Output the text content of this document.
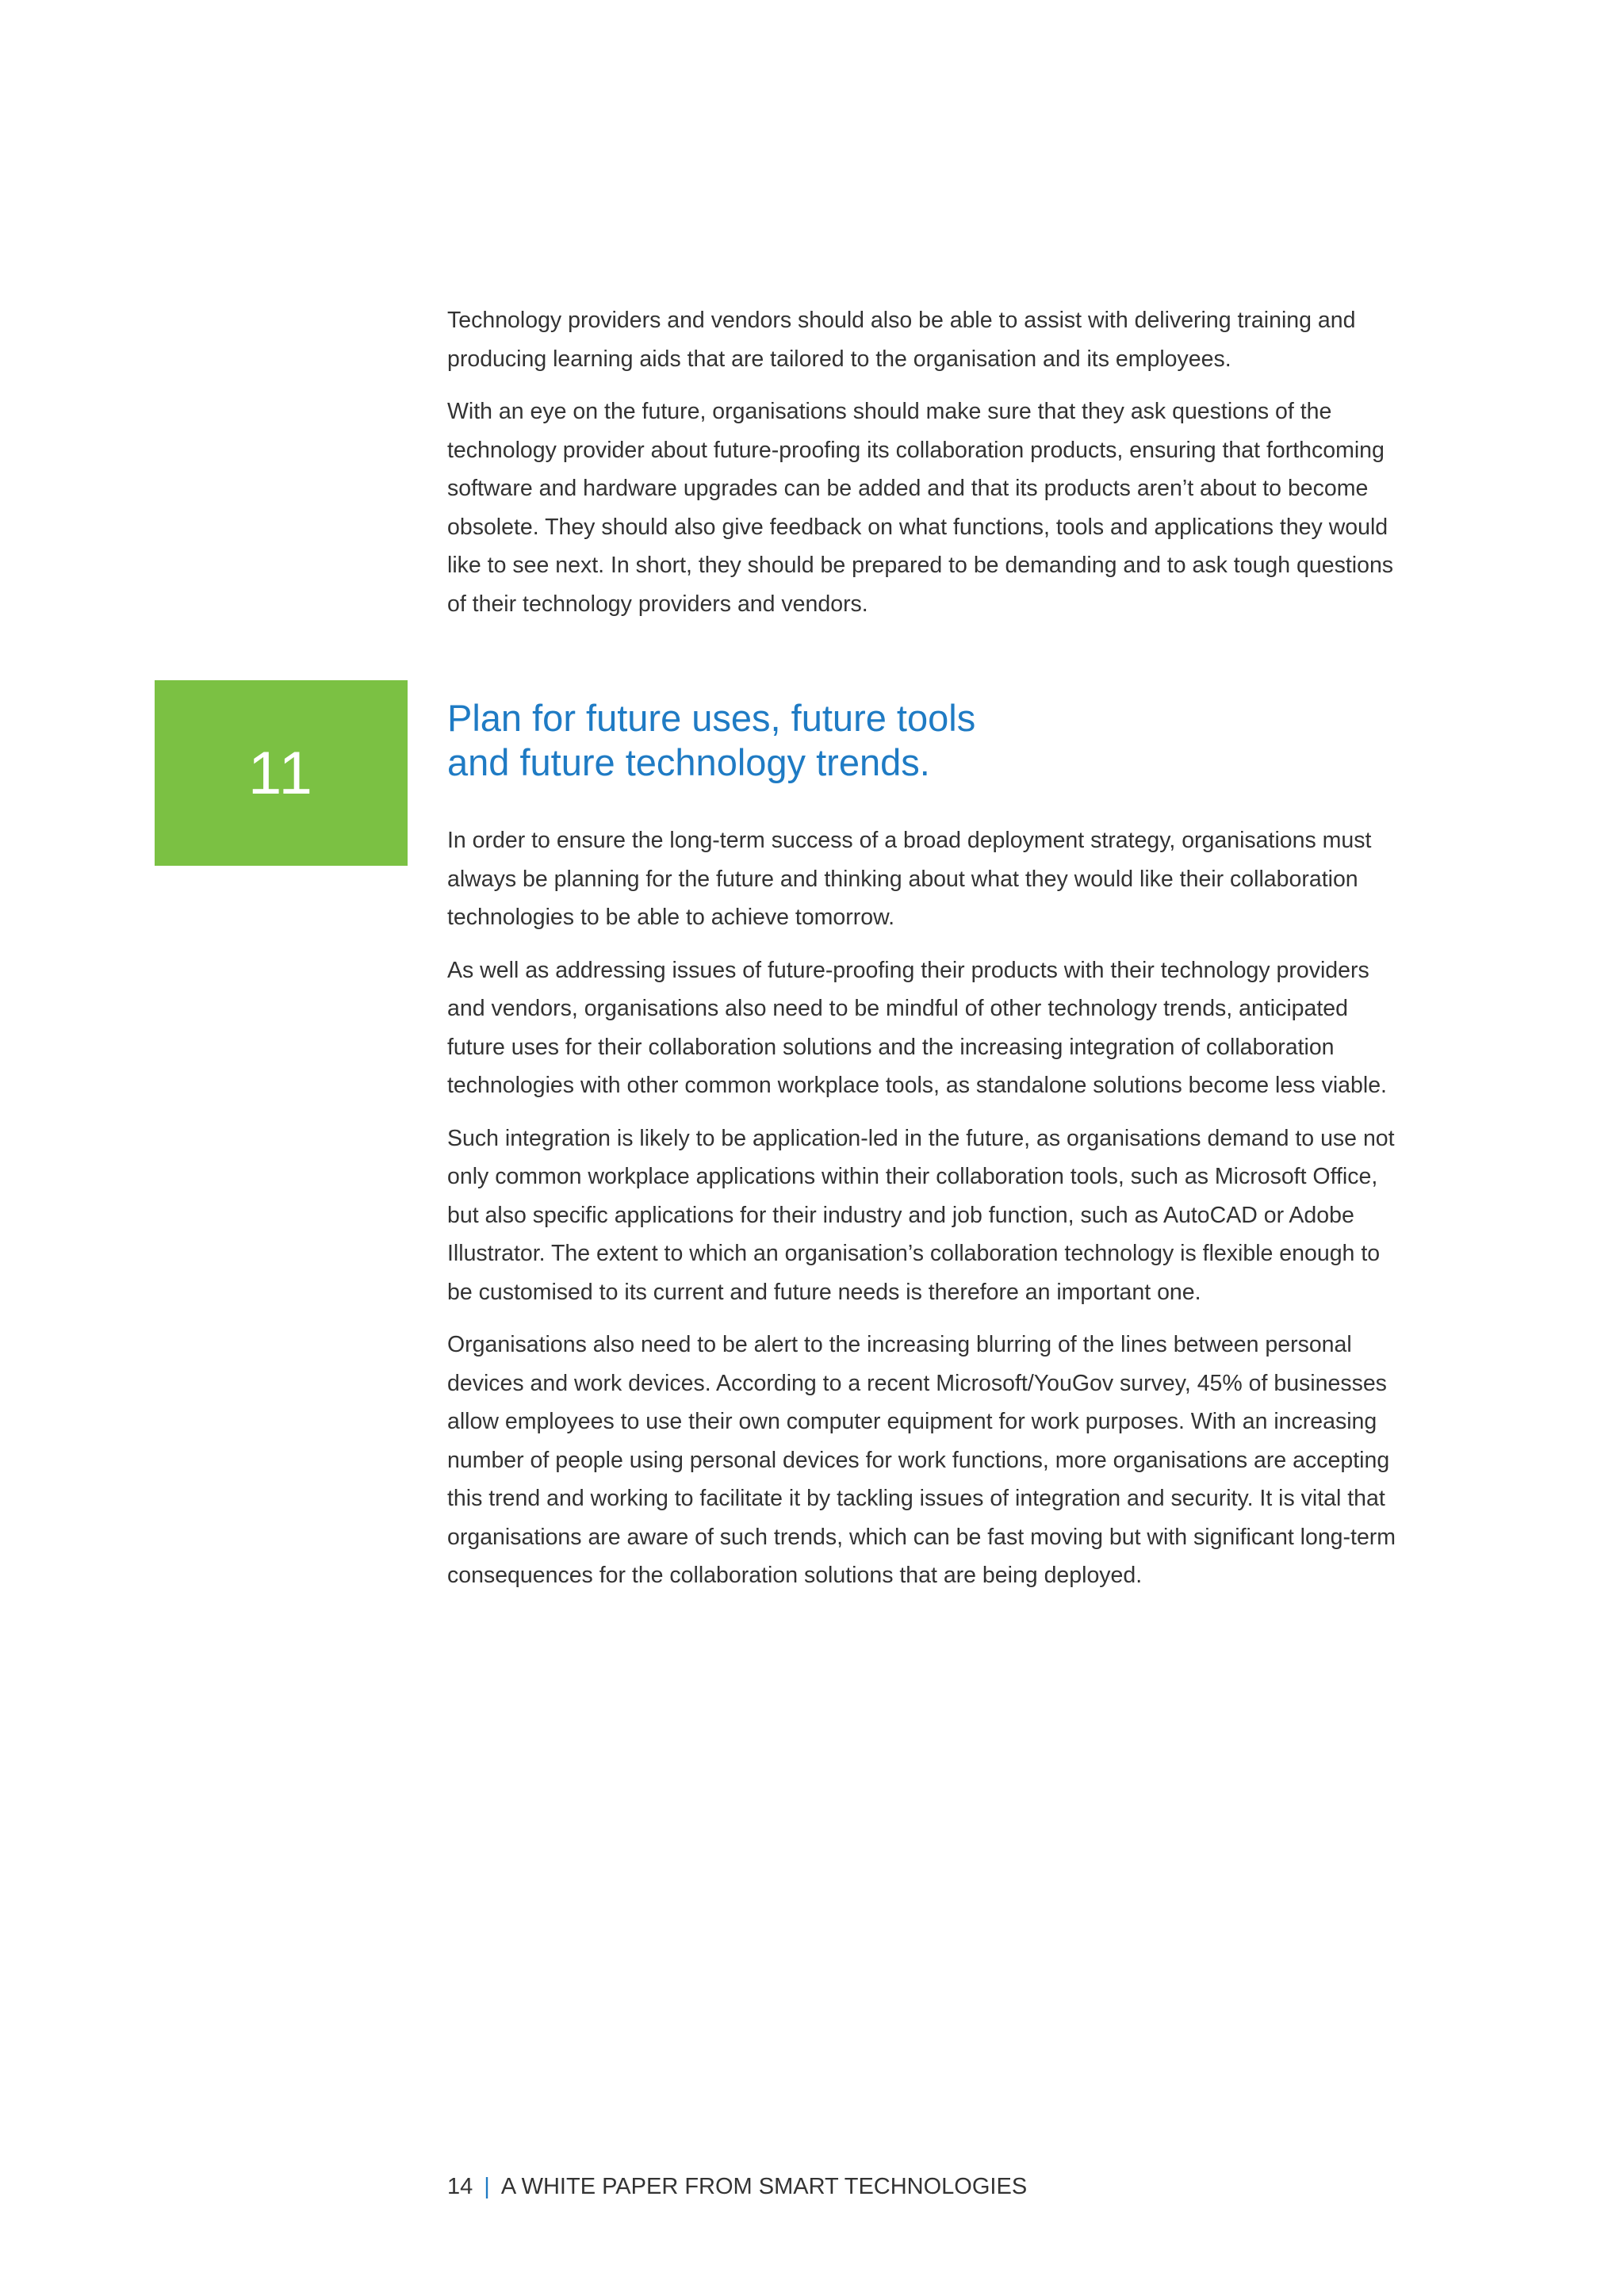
Technology providers and vendors should also be able to assist with delivering training and producing learning aids that are tailored to the organisation and its employees.

With an eye on the future, organisations should make sure that they ask questions of the technology provider about future-proofing its collaboration products, ensuring that forthcoming software and hardware upgrades can be added and that its products aren’t about to become obsolete. They should also give feedback on what functions, tools and applications they would like to see next. In short, they should be prepared to be demanding and to ask tough questions of their technology providers and vendors.

11
Plan for future uses, future tools
and future technology trends.

In order to ensure the long-term success of a broad deployment strategy, organisations must always be planning for the future and thinking about what they would like their collaboration technologies to be able to achieve tomorrow.

As well as addressing issues of future-proofing their products with their technology providers and vendors, organisations also need to be mindful of other technology trends, anticipated future uses for their collaboration solutions and the increasing integration of collaboration technologies with other common workplace tools, as standalone solutions become less viable.

Such integration is likely to be application-led in the future, as organisations demand to use not only common workplace applications within their collaboration tools, such as Microsoft Office, but also specific applications for their industry and job function, such as AutoCAD or Adobe Illustrator. The extent to which an organisation’s collaboration technology is flexible enough to be customised to its current and future needs is therefore an important one.

Organisations also need to be alert to the increasing blurring of the lines between personal devices and work devices. According to a recent Microsoft/YouGov survey, 45% of businesses allow employees to use their own computer equipment for work purposes. With an increasing number of people using personal devices for work functions, more organisations are accepting this trend and working to facilitate it by tackling issues of integration and security. It is vital that organisations are aware of such trends, which can be fast moving but with significant long-term consequences for the collaboration solutions that are being deployed.

14 | A WHITE PAPER FROM SMART TECHNOLOGIES
